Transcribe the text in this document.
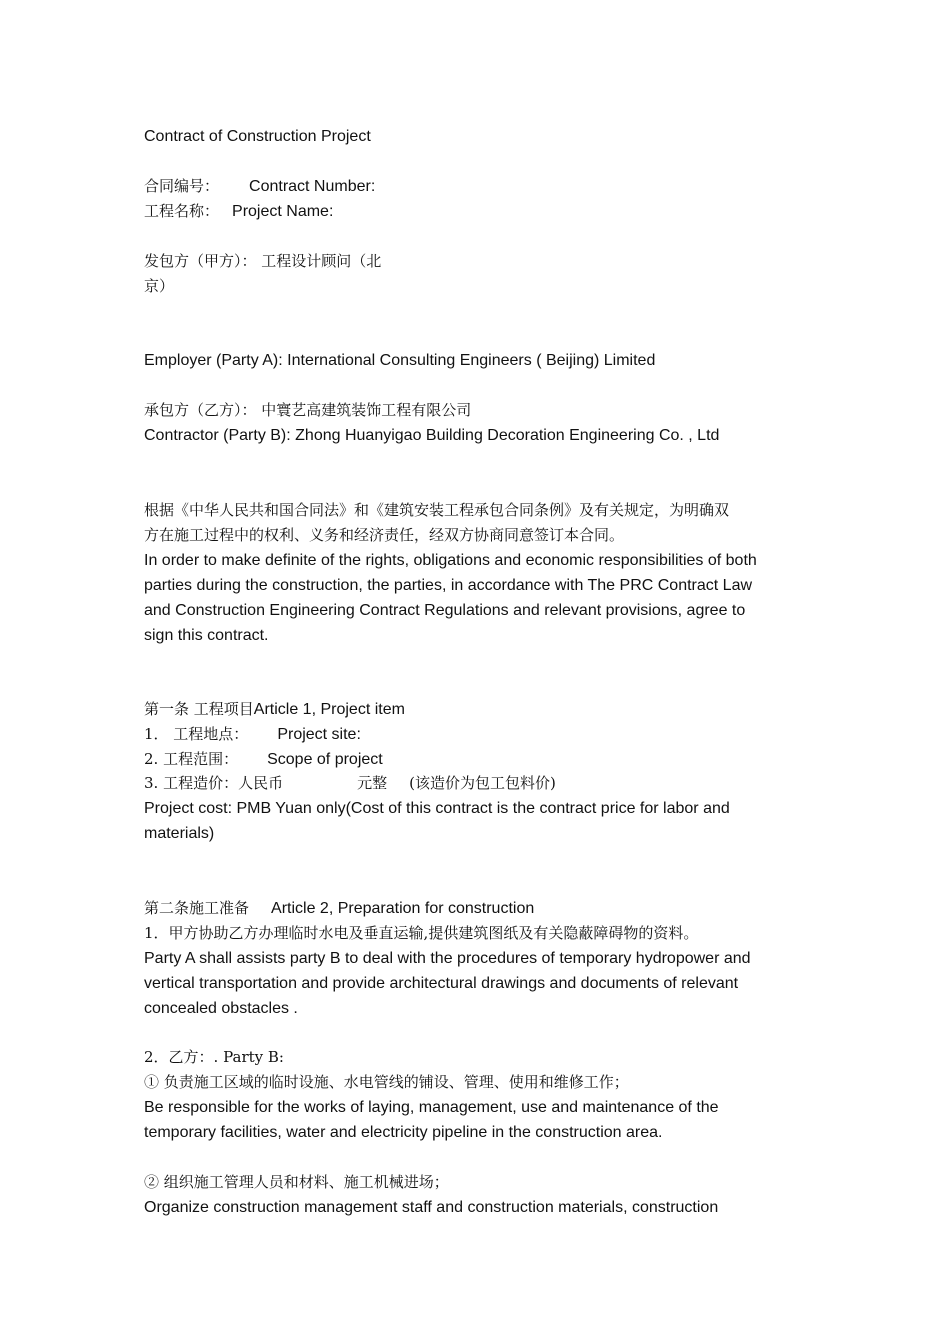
Contract of Construction Project
合同编号： Contract Number:
工程名称： Project Name:
发包方（甲方）： 工程设计顾问（北
京）
Employer (Party A): International Consulting Engineers ( Beijing) Limited
承包方（乙方）： 中寰艺高建筑装饰工程有限公司
Contractor (Party B): Zhong Huanyigao Building Decoration Engineering Co. , Ltd
根据《中华人民共和国合同法》和《建筑安装工程承包合同条例》及有关规定，为明确双
方在施工过程中的权利、义务和经济责任，经双方协商同意签订本合同。
In order to make definite of the rights, obligations and economic responsibilities of both
parties during the construction, the parties, in accordance with The PRC Contract Law
and Construction Engineering Contract Regulations and relevant provisions, agree to
sign this contract.
第一条 工程项目Article 1, Project item
1． 工程地点： Project site:
2. 工程范围： Scope of project
3. 工程造价：人民币	元整 (该造价为包工包料价)
Project cost: PMB Yuan only(Cost of this contract is the contract price for labor and
materials)
第二条施工准备 Article 2, Preparation for construction
1．甲方协助乙方办理临时水电及垂直运输,提供建筑图纸及有关隐蔽障碍物的资料。
Party A shall assists party B to deal with the procedures of temporary hydropower and
vertical transportation and provide architectural drawings and documents of relevant
concealed obstacles .
2．乙方：. Party B:
① 负责施工区域的临时设施、水电管线的铺设、管理、使用和维修工作；
Be responsible for the works of laying, management, use and maintenance of the
temporary facilities, water and electricity pipeline in the construction area.
② 组织施工管理人员和材料、施工机械进场；
Organize construction management staff and construction materials, construction
